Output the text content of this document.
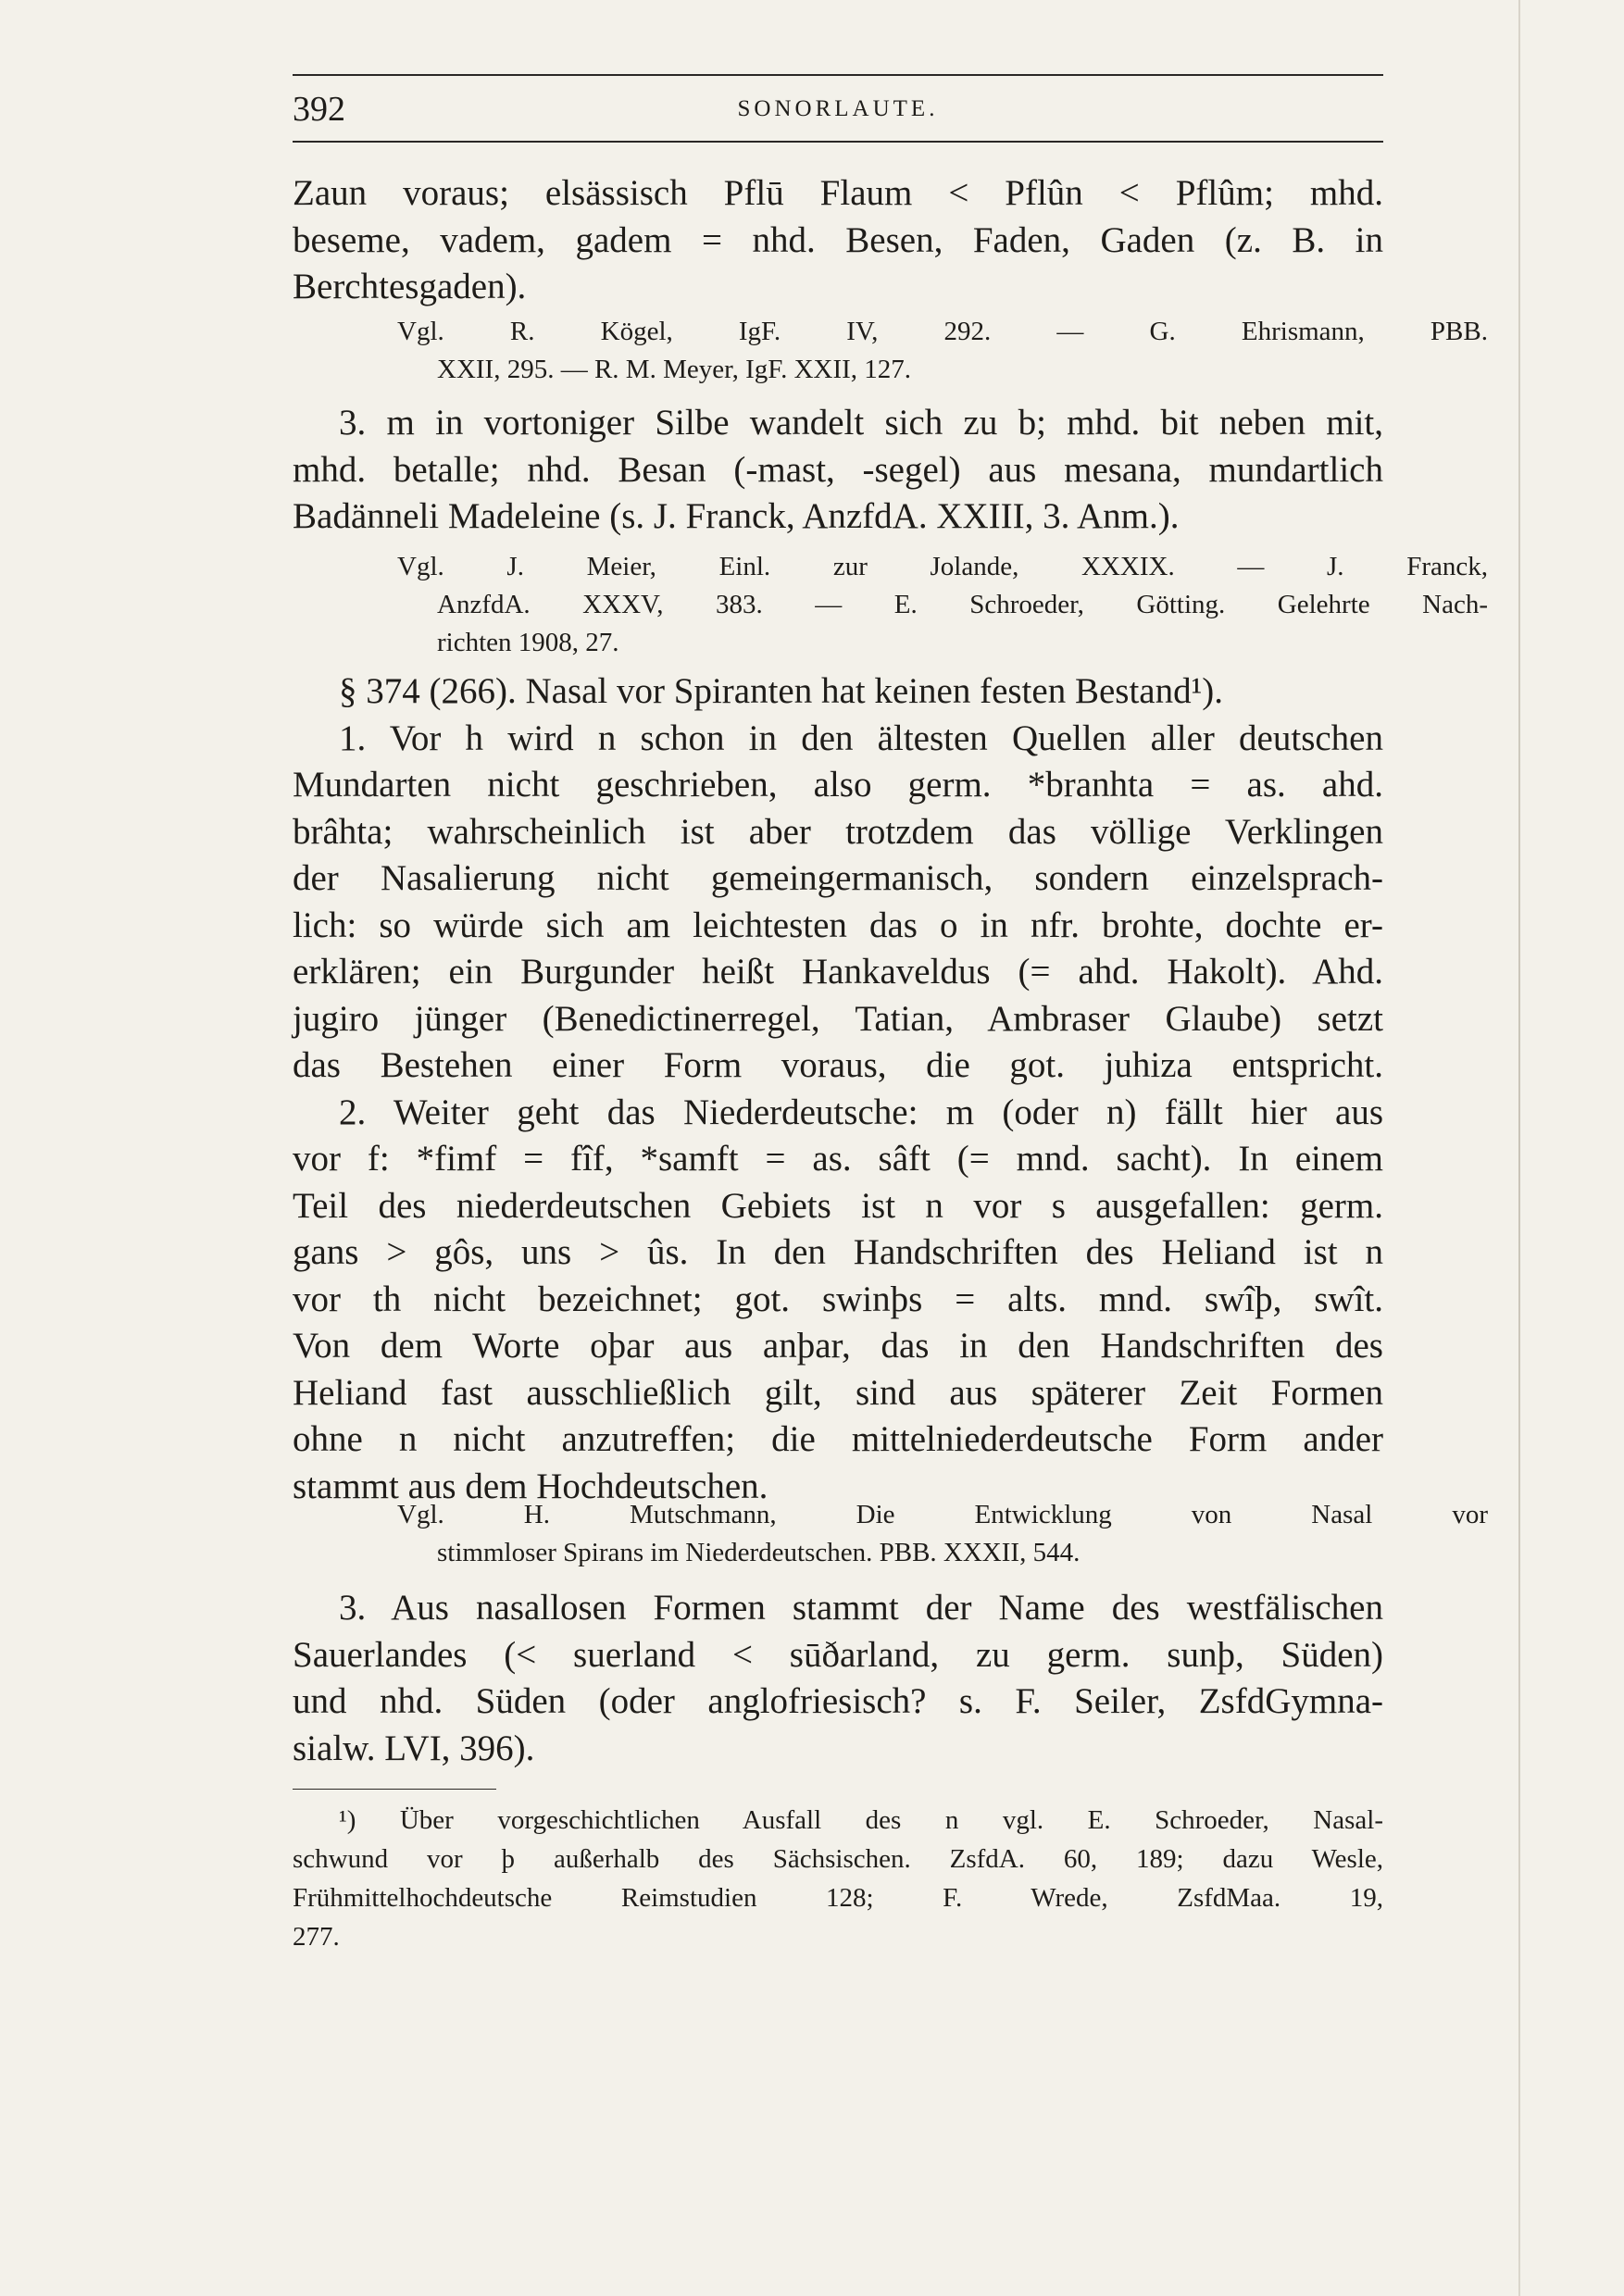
392	SONORLAUTE.
Zaun voraus; elsässisch Pflū Flaum < Pflûn < Pflûm; mhd.
beseme, vadem, gadem = nhd. Besen, Faden, Gaden (z. B. in
Berchtesgaden).
Vgl. R. Kögel, IgF. IV, 292. — G. Ehrismann, PBB.
XXII, 295. — R. M. Meyer, IgF. XXII, 127.
3. m in vortoniger Silbe wandelt sich zu b; mhd. bit neben mit,
mhd. betalle; nhd. Besan (-mast, -segel) aus mesana, mundartlich
Badänneli Madeleine (s. J. Franck, AnzfdA. XXIII, 3. Anm.).
Vgl. J. Meier, Einl. zur Jolande, XXXIX. — J. Franck,
AnzfdA. XXXV, 383. — E. Schroeder, Götting. Gelehrte Nach-
richten 1908, 27.
§ 374 (266). Nasal vor Spiranten hat keinen festen Bestand¹).
1. Vor h wird n schon in den ältesten Quellen aller deutschen
Mundarten nicht geschrieben, also germ. *branhta = as. ahd.
brâhta; wahrscheinlich ist aber trotzdem das völlige Verklingen
der Nasalierung nicht gemeingermanisch, sondern einzelsprach-
lich: so würde sich am leichtesten das o in nfr. brohte, dochte er-
erklären; ein Burgunder heißt Hankaveldus (= ahd. Hakolt). Ahd.
jugiro jünger (Benedictinerregel, Tatian, Ambraser Glaube) setzt
das Bestehen einer Form voraus, die got. juhiza entspricht.
2. Weiter geht das Niederdeutsche: m (oder n) fällt hier aus
vor f: *fimf = fîf, *samft = as. sâft (= mnd. sacht). In einem
Teil des niederdeutschen Gebiets ist n vor s ausgefallen: germ.
gans > gôs, uns > ûs. In den Handschriften des Heliand ist n
vor th nicht bezeichnet; got. swinþs = alts. mnd. swîþ, swît.
Von dem Worte oþar aus anþar, das in den Handschriften des
Heliand fast ausschließlich gilt, sind aus späterer Zeit Formen
ohne n nicht anzutreffen; die mittelniederdeutsche Form ander
stammt aus dem Hochdeutschen.
Vgl. H. Mutschmann, Die Entwicklung von Nasal vor
stimmloser Spirans im Niederdeutschen. PBB. XXXII, 544.
3. Aus nasallosen Formen stammt der Name des westfälischen
Sauerlandes (< suerland < sūðarland, zu germ. sunþ, Süden)
und nhd. Süden (oder anglofriesisch? s. F. Seiler, ZsfdGymna-
sialw. LVI, 396).
¹) Über vorgeschichtlichen Ausfall des n vgl. E. Schroeder, Nasal-
schwund vor þ außerhalb des Sächsischen. ZsfdA. 60, 189; dazu Wesle,
Frühmittelhochdeutsche Reimstudien 128; F. Wrede, ZsfdMaa. 19,
277.
